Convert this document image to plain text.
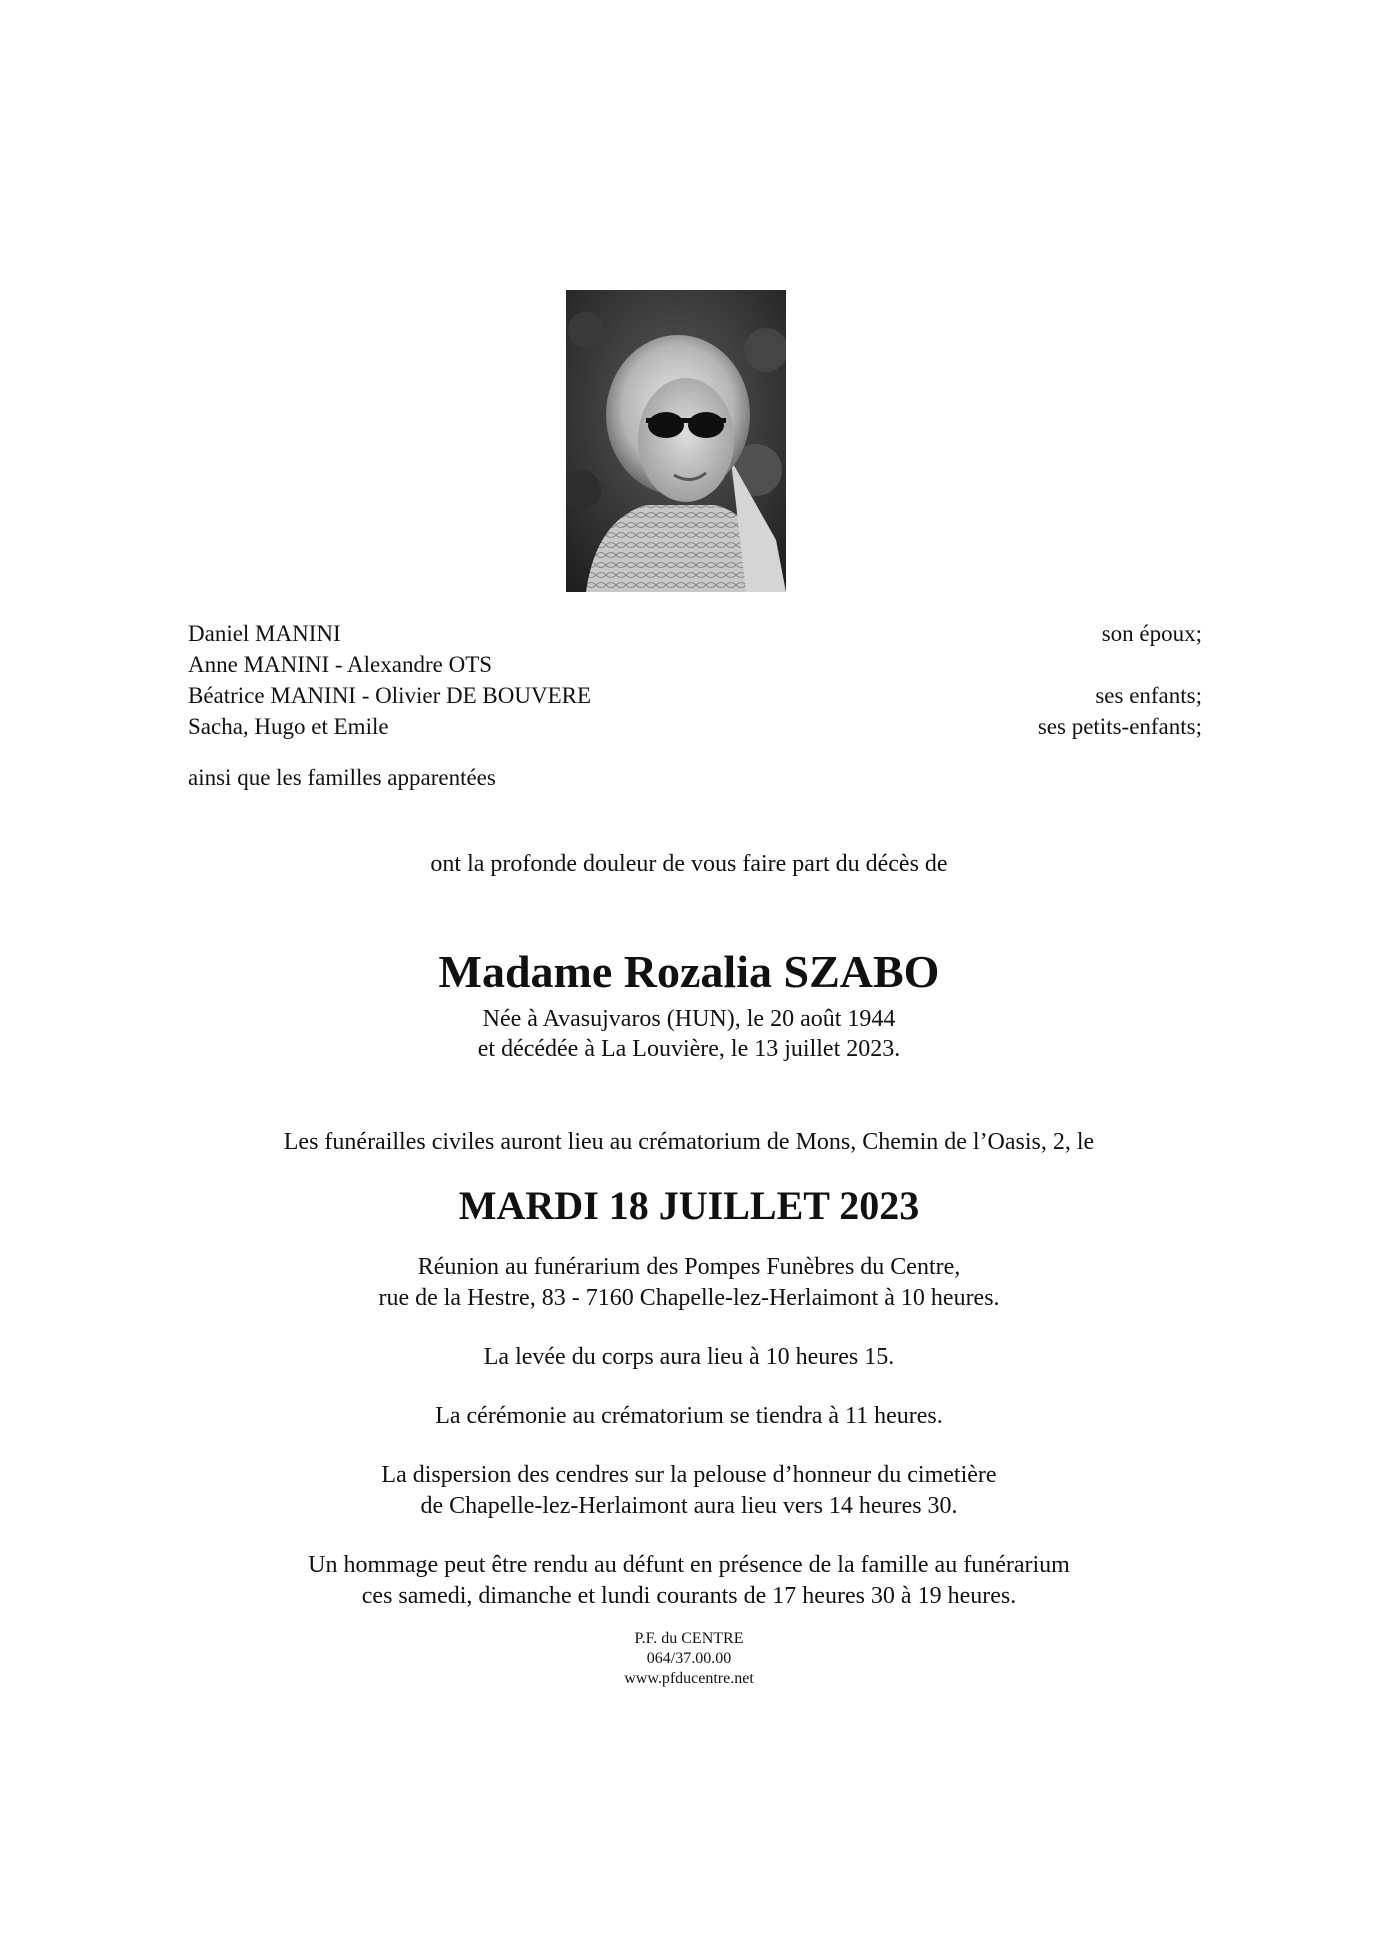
Daniel MANINI	son époux;
Anne MANINI - Alexandre OTS
Béatrice MANINI - Olivier DE BOUVERE	ses enfants;
Sacha, Hugo et Emile	ses petits-enfants;
ainsi que les familles apparentées
ont la profonde douleur de vous faire part du décès de
Madame Rozalia SZABO
Née à Avasujvaros (HUN), le 20 août 1944
et décédée à La Louvière, le 13 juillet 2023.
Les funérailles civiles auront lieu au crématorium de Mons, Chemin de l’Oasis, 2, le
MARDI 18 JUILLET 2023

Réunion au funérarium des Pompes Funèbres du Centre,
rue de la Hestre, 83 - 7160 Chapelle-lez-Herlaimont à 10 heures.

La levée du corps aura lieu à 10 heures 15.

La cérémonie au crématorium se tiendra à 11 heures.

La dispersion des cendres sur la pelouse d’honneur du cimetière
de Chapelle-lez-Herlaimont aura lieu vers 14 heures 30.

Un hommage peut être rendu au défunt en présence de la famille au funérarium
ces samedi, dimanche et lundi courants de 17 heures 30 à 19 heures.

P.F. du CENTRE
064/37.00.00
www.pfducentre.net
